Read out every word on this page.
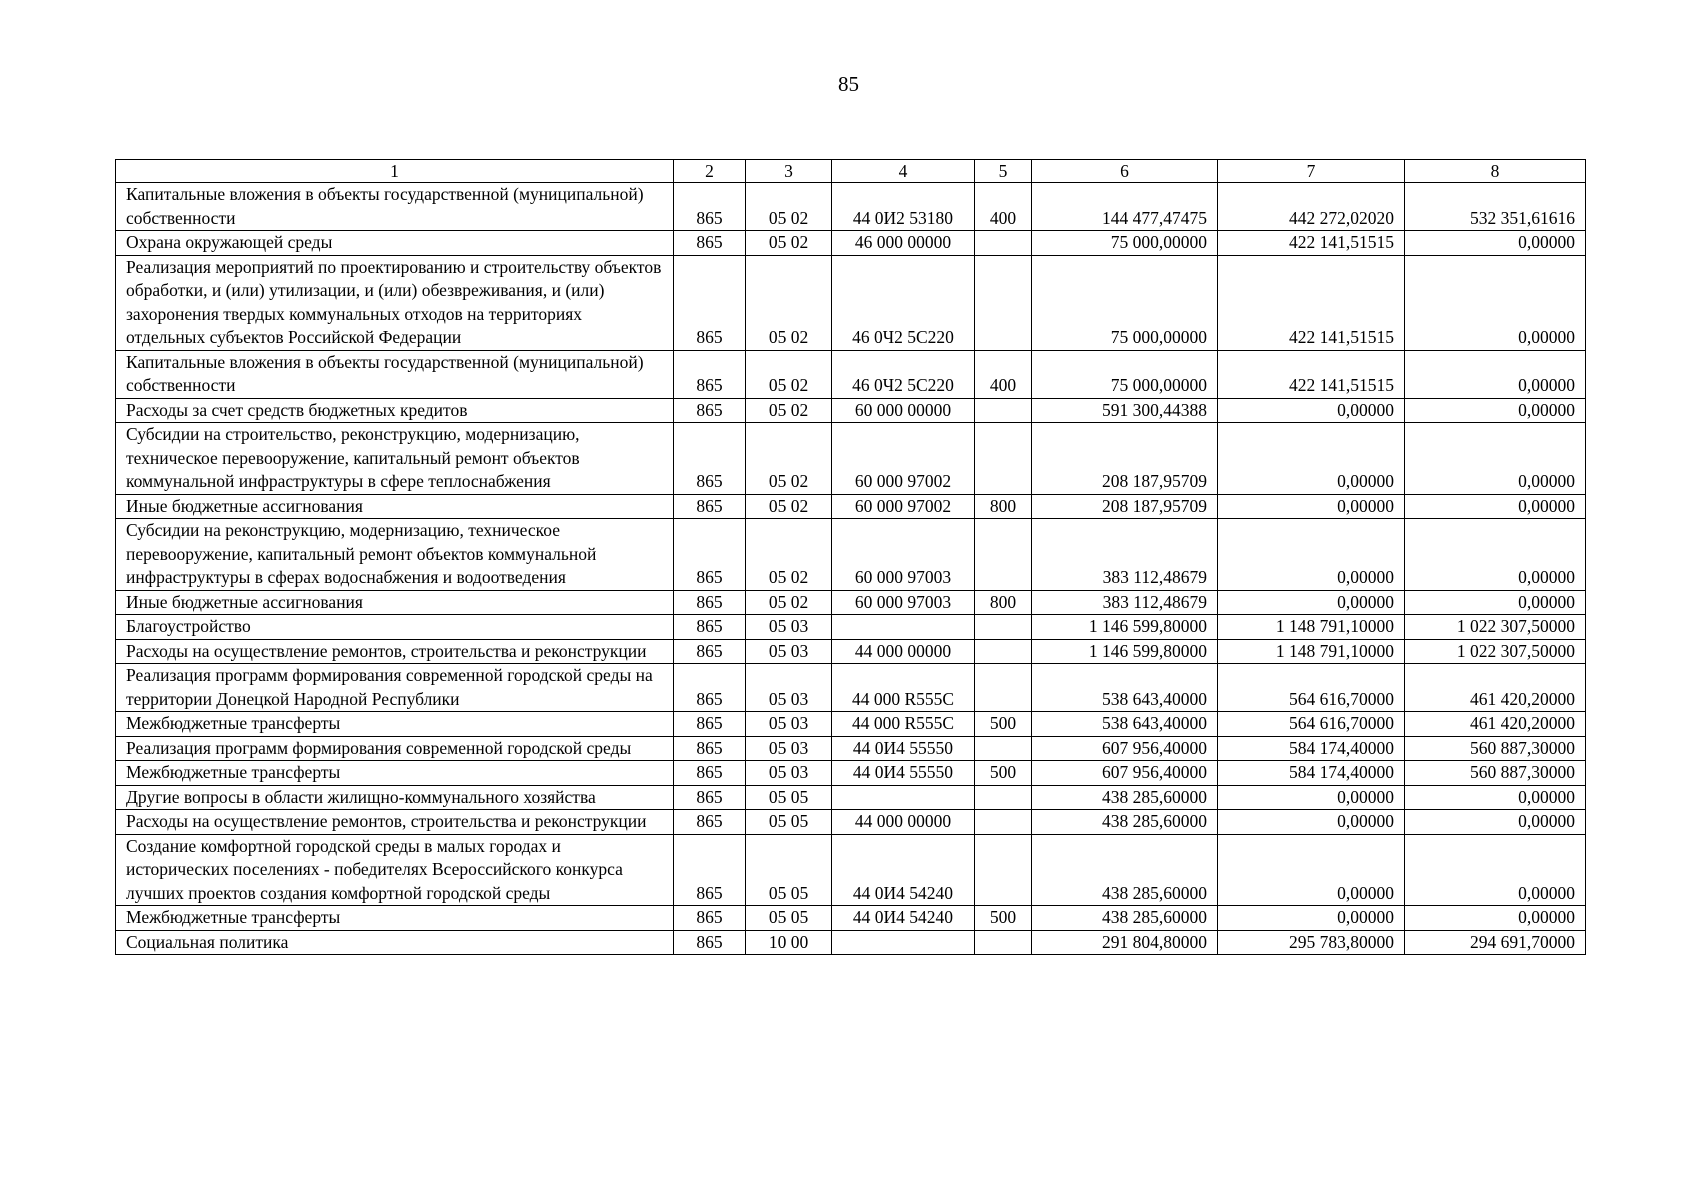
85
1	2	3	4	5	6	7	8
Капитальные вложения в объекты государственной (муниципальной) собственности	865	05 02	44 0И2 53180	400	144 477,47475	442 272,02020	532 351,61616
Охрана окружающей среды	865	05 02	46 000 00000		75 000,00000	422 141,51515	0,00000
Реализация мероприятий по проектированию и строительству объектов обработки, и (или) утилизации, и (или) обезвреживания, и (или) захоронения твердых коммунальных отходов на территориях отдельных субъектов Российской Федерации	865	05 02	46 0Ч2 5С220		75 000,00000	422 141,51515	0,00000
Капитальные вложения в объекты государственной (муниципальной) собственности	865	05 02	46 0Ч2 5С220	400	75 000,00000	422 141,51515	0,00000
Расходы за счет средств бюджетных кредитов	865	05 02	60 000 00000		591 300,44388	0,00000	0,00000
Субсидии на строительство, реконструкцию, модернизацию, техническое перевооружение, капитальный ремонт объектов коммунальной инфраструктуры в сфере теплоснабжения	865	05 02	60 000 97002		208 187,95709	0,00000	0,00000
Иные бюджетные ассигнования	865	05 02	60 000 97002	800	208 187,95709	0,00000	0,00000
Субсидии на реконструкцию, модернизацию, техническое перевооружение, капитальный ремонт объектов коммунальной инфраструктуры в сферах водоснабжения и водоотведения	865	05 02	60 000 97003		383 112,48679	0,00000	0,00000
Иные бюджетные ассигнования	865	05 02	60 000 97003	800	383 112,48679	0,00000	0,00000
Благоустройство	865	05 03			1 146 599,80000	1 148 791,10000	1 022 307,50000
Расходы на осуществление ремонтов, строительства и реконструкции	865	05 03	44 000 00000		1 146 599,80000	1 148 791,10000	1 022 307,50000
Реализация программ формирования современной городской среды на территории Донецкой Народной Республики	865	05 03	44 000 R555C		538 643,40000	564 616,70000	461 420,20000
Межбюджетные трансферты	865	05 03	44 000 R555C	500	538 643,40000	564 616,70000	461 420,20000
Реализация программ формирования современной городской среды	865	05 03	44 0И4 55550		607 956,40000	584 174,40000	560 887,30000
Межбюджетные трансферты	865	05 03	44 0И4 55550	500	607 956,40000	584 174,40000	560 887,30000
Другие вопросы в области жилищно-коммунального хозяйства	865	05 05			438 285,60000	0,00000	0,00000
Расходы на осуществление ремонтов, строительства и реконструкции	865	05 05	44 000 00000		438 285,60000	0,00000	0,00000
Создание комфортной городской среды в малых городах и исторических поселениях - победителях Всероссийского конкурса лучших проектов создания комфортной городской среды	865	05 05	44 0И4 54240		438 285,60000	0,00000	0,00000
Межбюджетные трансферты	865	05 05	44 0И4 54240	500	438 285,60000	0,00000	0,00000
Социальная политика	865	10 00			291 804,80000	295 783,80000	294 691,70000
